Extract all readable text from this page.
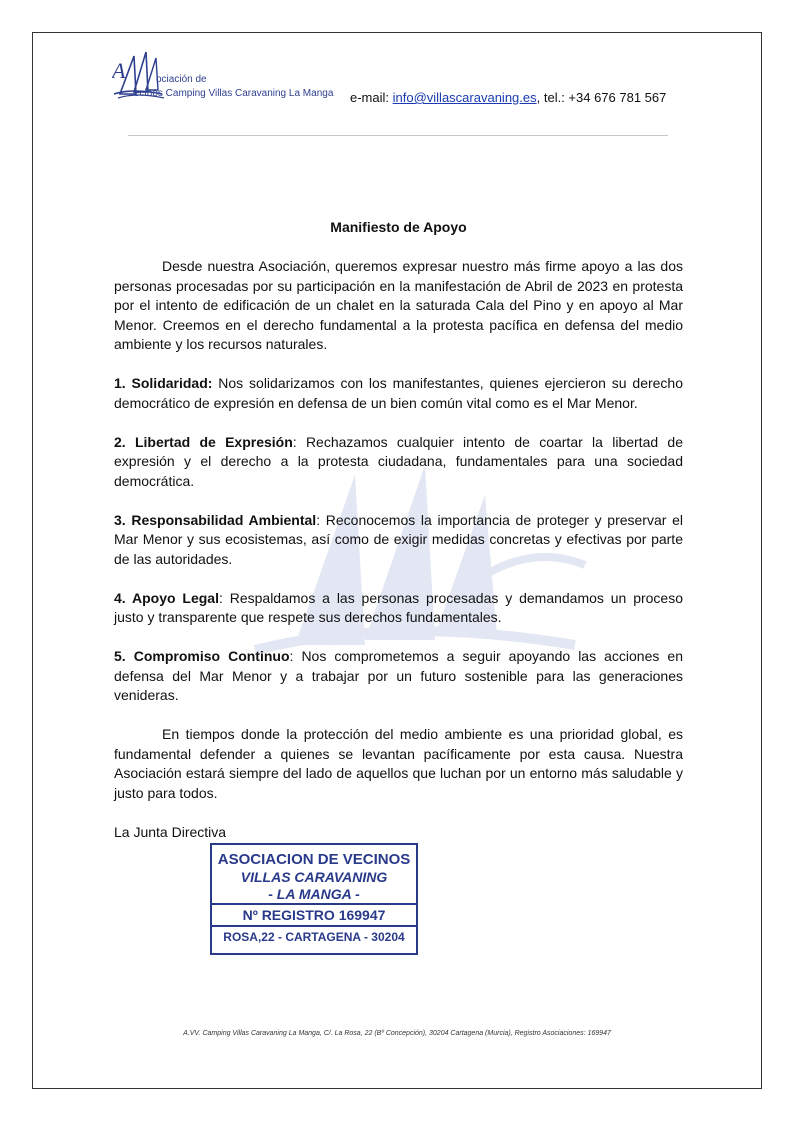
A	ociación de
ecinos Camping Villas Caravaning La Manga e-mail: info@villascaravaning.es, tel.: +34 676 781 567

Manifiesto de Apoyo

Desde nuestra Asociación, queremos expresar nuestro más firme apoyo a las dos personas procesadas por su participación en la manifestación de Abril de 2023 en protesta por el intento de edificación de un chalet en la saturada Cala del Pino y en apoyo al Mar Menor. Creemos en el derecho fundamental a la protesta pacífica en defensa del medio ambiente y los recursos naturales.

1. Solidaridad: Nos solidarizamos con los manifestantes, quienes ejercieron su derecho democrático de expresión en defensa de un bien común vital como es el Mar Menor.

2. Libertad de Expresión: Rechazamos cualquier intento de coartar la libertad de expresión y el derecho a la protesta ciudadana, fundamentales para una sociedad democrática.

3. Responsabilidad Ambiental: Reconocemos la importancia de proteger y preservar el Mar Menor y sus ecosistemas, así como de exigir medidas concretas y efectivas por parte de las autoridades.

4. Apoyo Legal: Respaldamos a las personas procesadas y demandamos un proceso justo y transparente que respete sus derechos fundamentales.

5. Compromiso Continuo: Nos comprometemos a seguir apoyando las acciones en defensa del Mar Menor y a trabajar por un futuro sostenible para las generaciones venideras.

En tiempos donde la protección del medio ambiente es una prioridad global, es fundamental defender a quienes se levantan pacíficamente por esta causa. Nuestra Asociación estará siempre del lado de aquellos que luchan por un entorno más saludable y justo para todos.

La Junta Directiva

ASOCIACION DE VECINOS
VILLAS CARAVANING
- LA MANGA -
Nº REGISTRO 169947
ROSA,22 - CARTAGENA - 30204
A.VV. Camping Villas Caravaning La Manga, C/. La Rosa, 22 (Bº Concepción), 30204 Cartagena (Murcia), Registro Asociaciones: 169947
